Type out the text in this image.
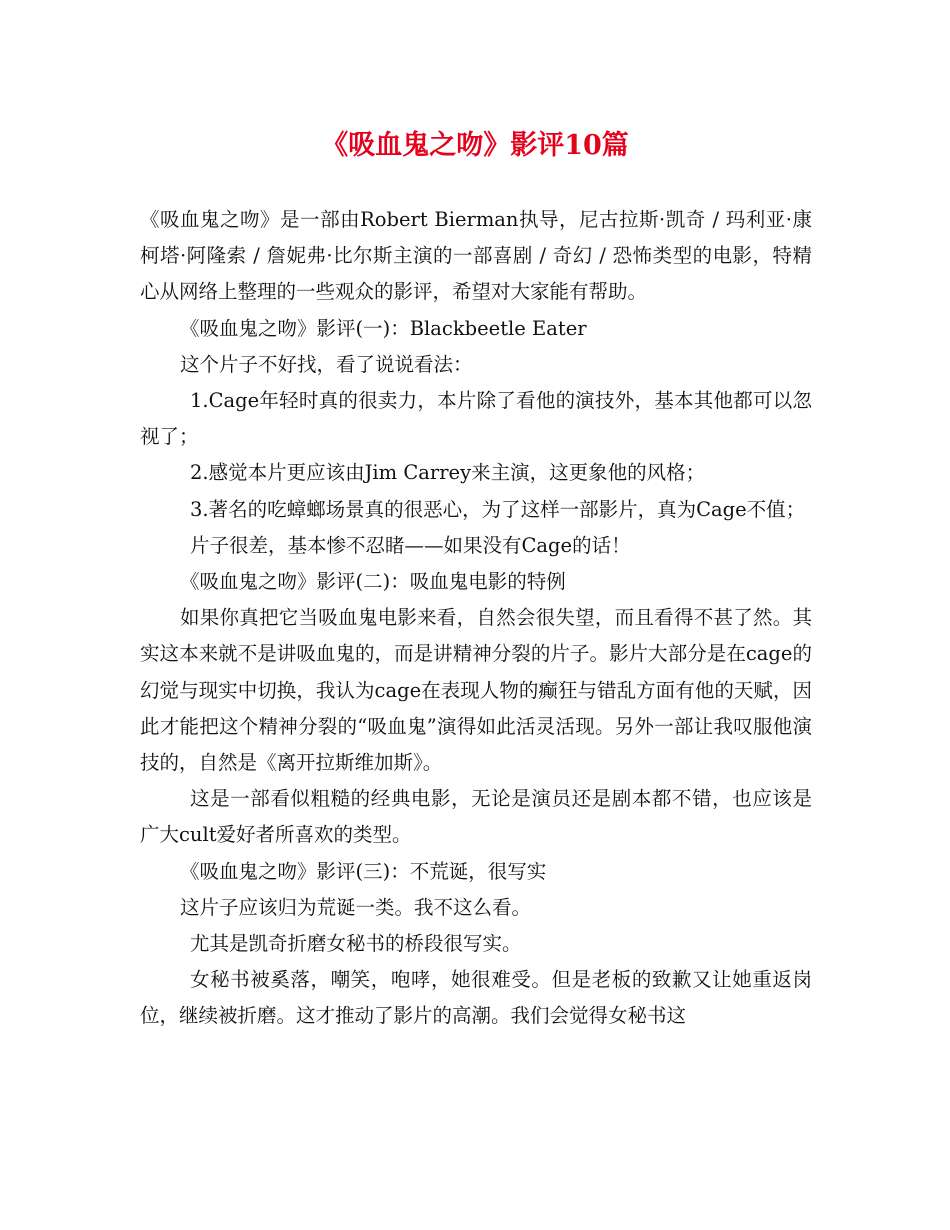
《吸血鬼之吻》影评10篇

《吸血鬼之吻》是一部由Robert Bierman执导，尼古拉斯·凯奇 / 玛利亚·康柯塔·阿隆索 / 詹妮弗·比尔斯主演的一部喜剧 / 奇幻 / 恐怖类型的电影，特精心从网络上整理的一些观众的影评，希望对大家能有帮助。

《吸血鬼之吻》影评(一)：Blackbeetle Eater

这个片子不好找，看了说说看法：

1.Cage年轻时真的很卖力，本片除了看他的演技外，基本其他都可以忽视了；

2.感觉本片更应该由Jim Carrey来主演，这更象他的风格；

3.著名的吃蟑螂场景真的很恶心，为了这样一部影片，真为Cage不值；

片子很差，基本惨不忍睹——如果没有Cage的话！

《吸血鬼之吻》影评(二)：吸血鬼电影的特例

如果你真把它当吸血鬼电影来看，自然会很失望，而且看得不甚了然。其实这本来就不是讲吸血鬼的，而是讲精神分裂的片子。影片大部分是在cage的幻觉与现实中切换，我认为cage在表现人物的癫狂与错乱方面有他的天赋，因此才能把这个精神分裂的“吸血鬼”演得如此活灵活现。另外一部让我叹服他演技的，自然是《离开拉斯维加斯》。

这是一部看似粗糙的经典电影，无论是演员还是剧本都不错，也应该是广大cult爱好者所喜欢的类型。

《吸血鬼之吻》影评(三)：不荒诞，很写实

这片子应该归为荒诞一类。我不这么看。

尤其是凯奇折磨女秘书的桥段很写实。

女秘书被奚落，嘲笑，咆哮，她很难受。但是老板的致歉又让她重返岗位，继续被折磨。这才推动了影片的高潮。我们会觉得女秘书这
